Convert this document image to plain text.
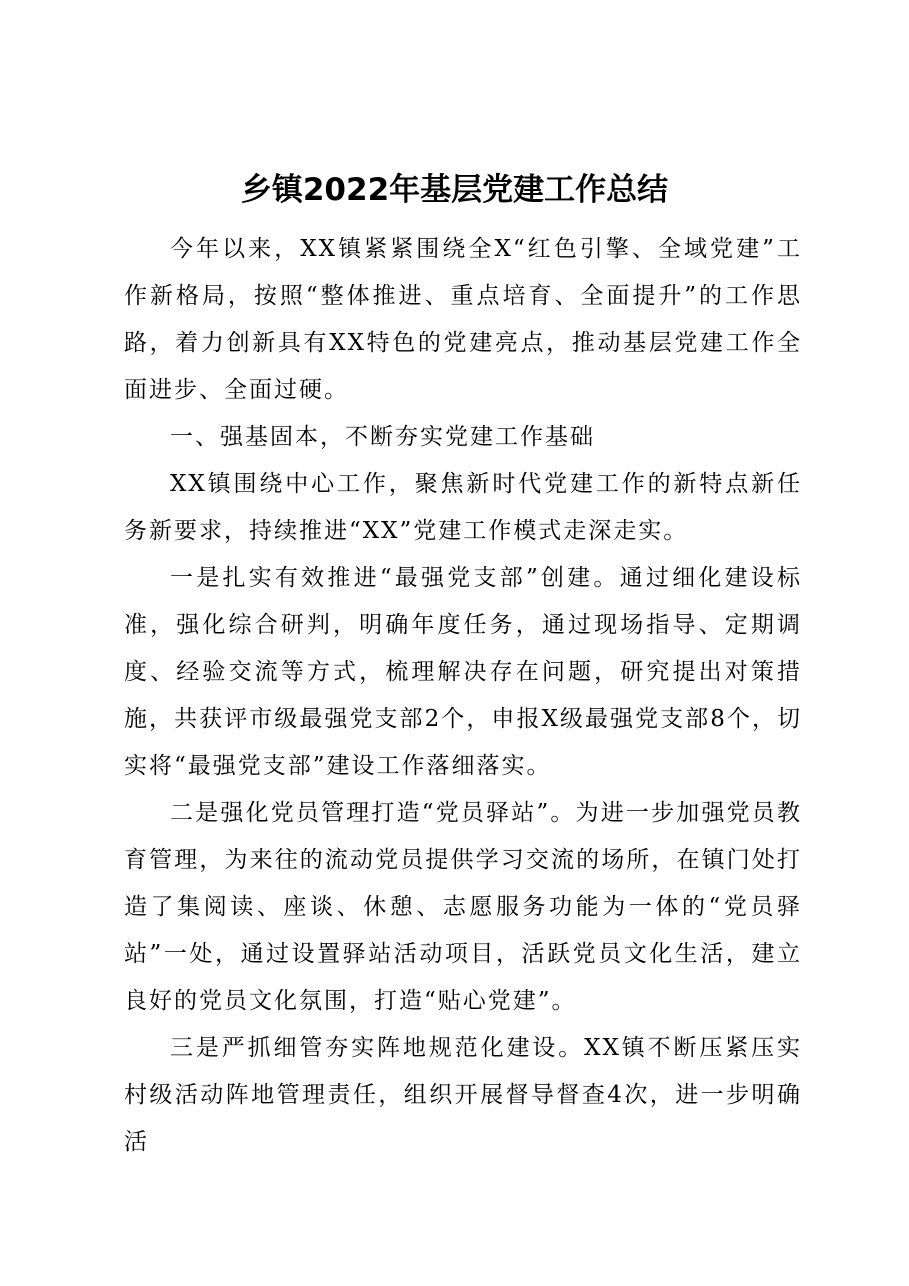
乡镇2022年基层党建工作总结

今年以来，XX镇紧紧围绕全X“红色引擎、全域党建”工作新格局，按照“整体推进、重点培育、全面提升”的工作思路，着力创新具有XX特色的党建亮点，推动基层党建工作全面进步、全面过硬。

一、强基固本，不断夯实党建工作基础

XX镇围绕中心工作，聚焦新时代党建工作的新特点新任务新要求，持续推进“XX”党建工作模式走深走实。

一是扎实有效推进“最强党支部”创建。通过细化建设标准，强化综合研判，明确年度任务，通过现场指导、定期调度、经验交流等方式，梳理解决存在问题，研究提出对策措施，共获评市级最强党支部2个，申报X级最强党支部8个，切实将“最强党支部”建设工作落细落实。

二是强化党员管理打造“党员驿站”。为进一步加强党员教育管理，为来往的流动党员提供学习交流的场所，在镇门处打造了集阅读、座谈、休憩、志愿服务功能为一体的“党员驿站”一处，通过设置驿站活动项目，活跃党员文化生活，建立良好的党员文化氛围，打造“贴心党建”。

三是严抓细管夯实阵地规范化建设。XX镇不断压紧压实村级活动阵地管理责任，组织开展督导督查4次，进一步明确活
